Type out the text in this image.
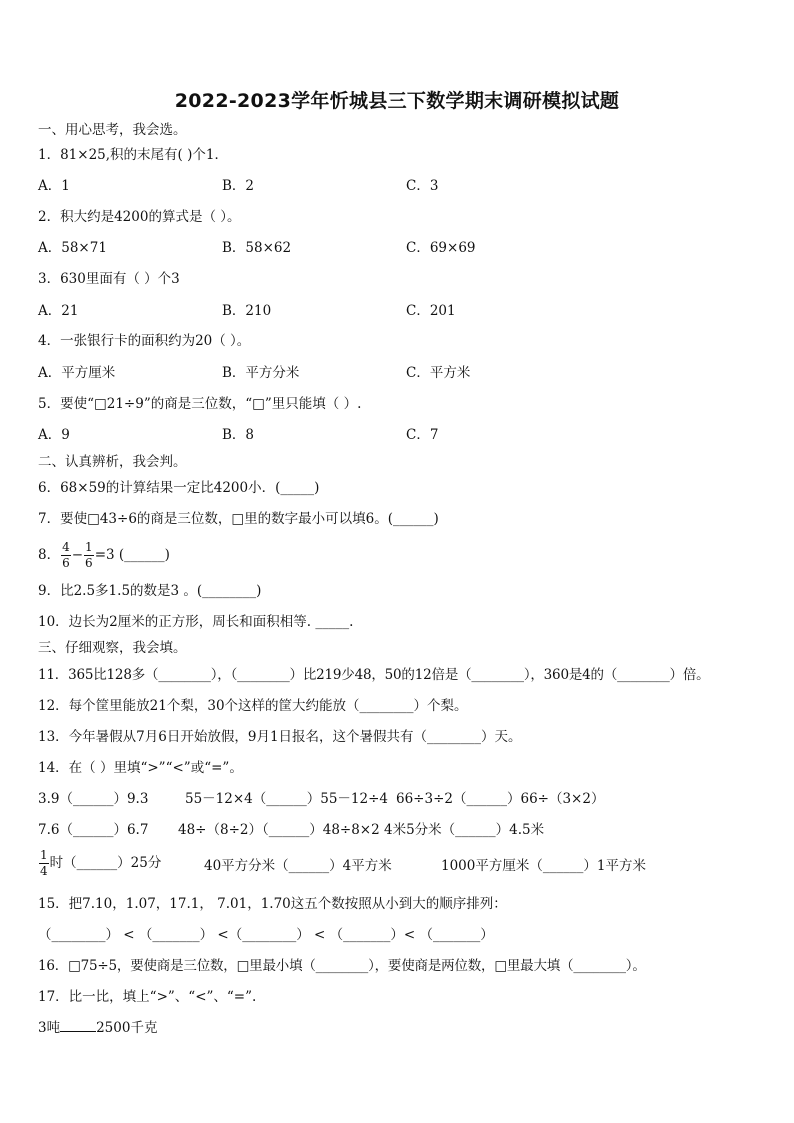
2022-2023学年忻城县三下数学期末调研模拟试题
一、用心思考，我会选。
1．81×25,积的末尾有( )个1．
A．1	B．2	C．3
2．积大约是4200的算式是（ ）。
A．58×71	B．58×62	C．69×69
3．630里面有（ ）个3
A．21	B．210	C．201
4．一张银行卡的面积约为20（ ）。
A．平方厘米	B．平方分米	C．平方米
5．要使“□21÷9”的商是三位数，“□”里只能填（ ）.
A．9	B．8	C．7
二、认真辨析，我会判。
6．68×59的计算结果一定比4200小．(_____)
7．要使□43÷6的商是三位数，□里的数字最小可以填6。(______)
8． $\frac{4}{6} - \frac{1}{6} =3$ (______)
9．比2.5多1.5的数是3 。(________)
10．边长为2厘米的正方形，周长和面积相等. _____.
三、仔细观察，我会填。
11．365比128多（________），（________）比219少48，50的12倍是（________），360是4的（________）倍。
12．每个筐里能放21个梨，30个这样的筐大约能放（________）个梨。
13．今年暑假从7月6日开始放假，9月1日报名，这个暑假共有（________）天。
14．在（ ）里填“>”“<”或“=”。
3.9（______）9.3	55－12×4（______）55－12÷4 66÷3÷2（______）66÷（3×2）
7.6（______）6.7 48÷（8÷2）（______）48÷8×2 4米5分米（______）4.5米
$\frac{1}{4}$ 时（______）25分	40平方分米（______）4平方米	1000平方厘米（______）1平方米
15．把7.10，1.07，17.1， 7.01，1.70这五个数按照从小到大的顺序排列：
（________） < （_______） <（________） < （_______）< （_______）
16．□75÷5，要使商是三位数，□里最小填（________），要使商是两位数，□里最大填（________）。
17．比一比，填上“>”、“<”、“=”.
3吨	2500千克
